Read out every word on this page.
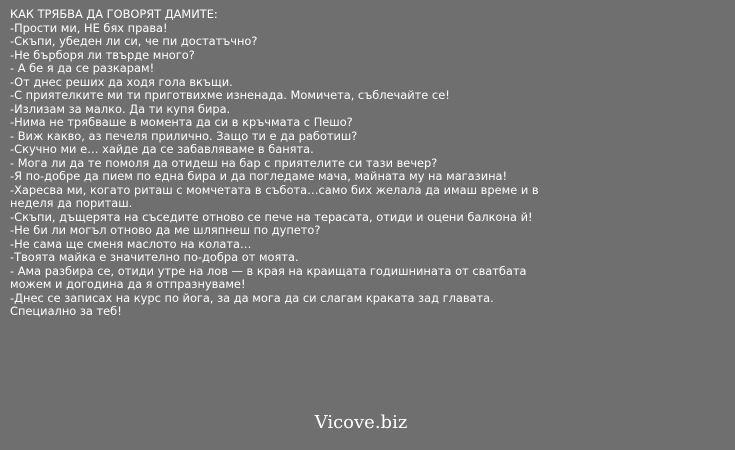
КАК ТРЯБВА ДА ГОВОРЯТ ДАМИТЕ:
-Прости ми, НЕ бях права!
-Скъпи, убеден ли си, че пи достатъчно?
-Не бърборя ли твърде много?
- А бе я да се разкарам!
-От днес реших да ходя гола вкъщи.
-С приятелките ми ти приготвихме изненада. Момичета, съблечайте се!
-Излизам за малко. Да ти купя бира.
-Нима не трябваше в момента да си в кръчмата с Пешо?
- Виж какво, аз печеля прилично. Защо ти е да работиш?
-Скучно ми е… хайде да се забавляваме в банята.
- Мога ли да те помоля да отидеш на бар с приятелите си тази вечер?
-Я по-добре да пием по една бира и да погледаме мача, майната му на магазина!
-Харесва ми, когато риташ с момчетата в събота…само бих желала да имаш време и в
неделя да пориташ.
-Скъпи, дъщерята на съседите отново се пече на терасата, отиди и оцени балкона й!
-Не би ли могъл отново да ме шляпнеш по дупето?
-Не сама ще сменя маслото на колата…
-Твоята майка е значително по-добра от моята.
- Ама разбира се, отиди утре на лов — в края на краищата годишнината от сватбата
можем и догодина да я отпразнуваме!
-Днес се записах на курс по йога, за да мога да си слагам краката зад главата.
Специално за теб!
Vicove.biz
